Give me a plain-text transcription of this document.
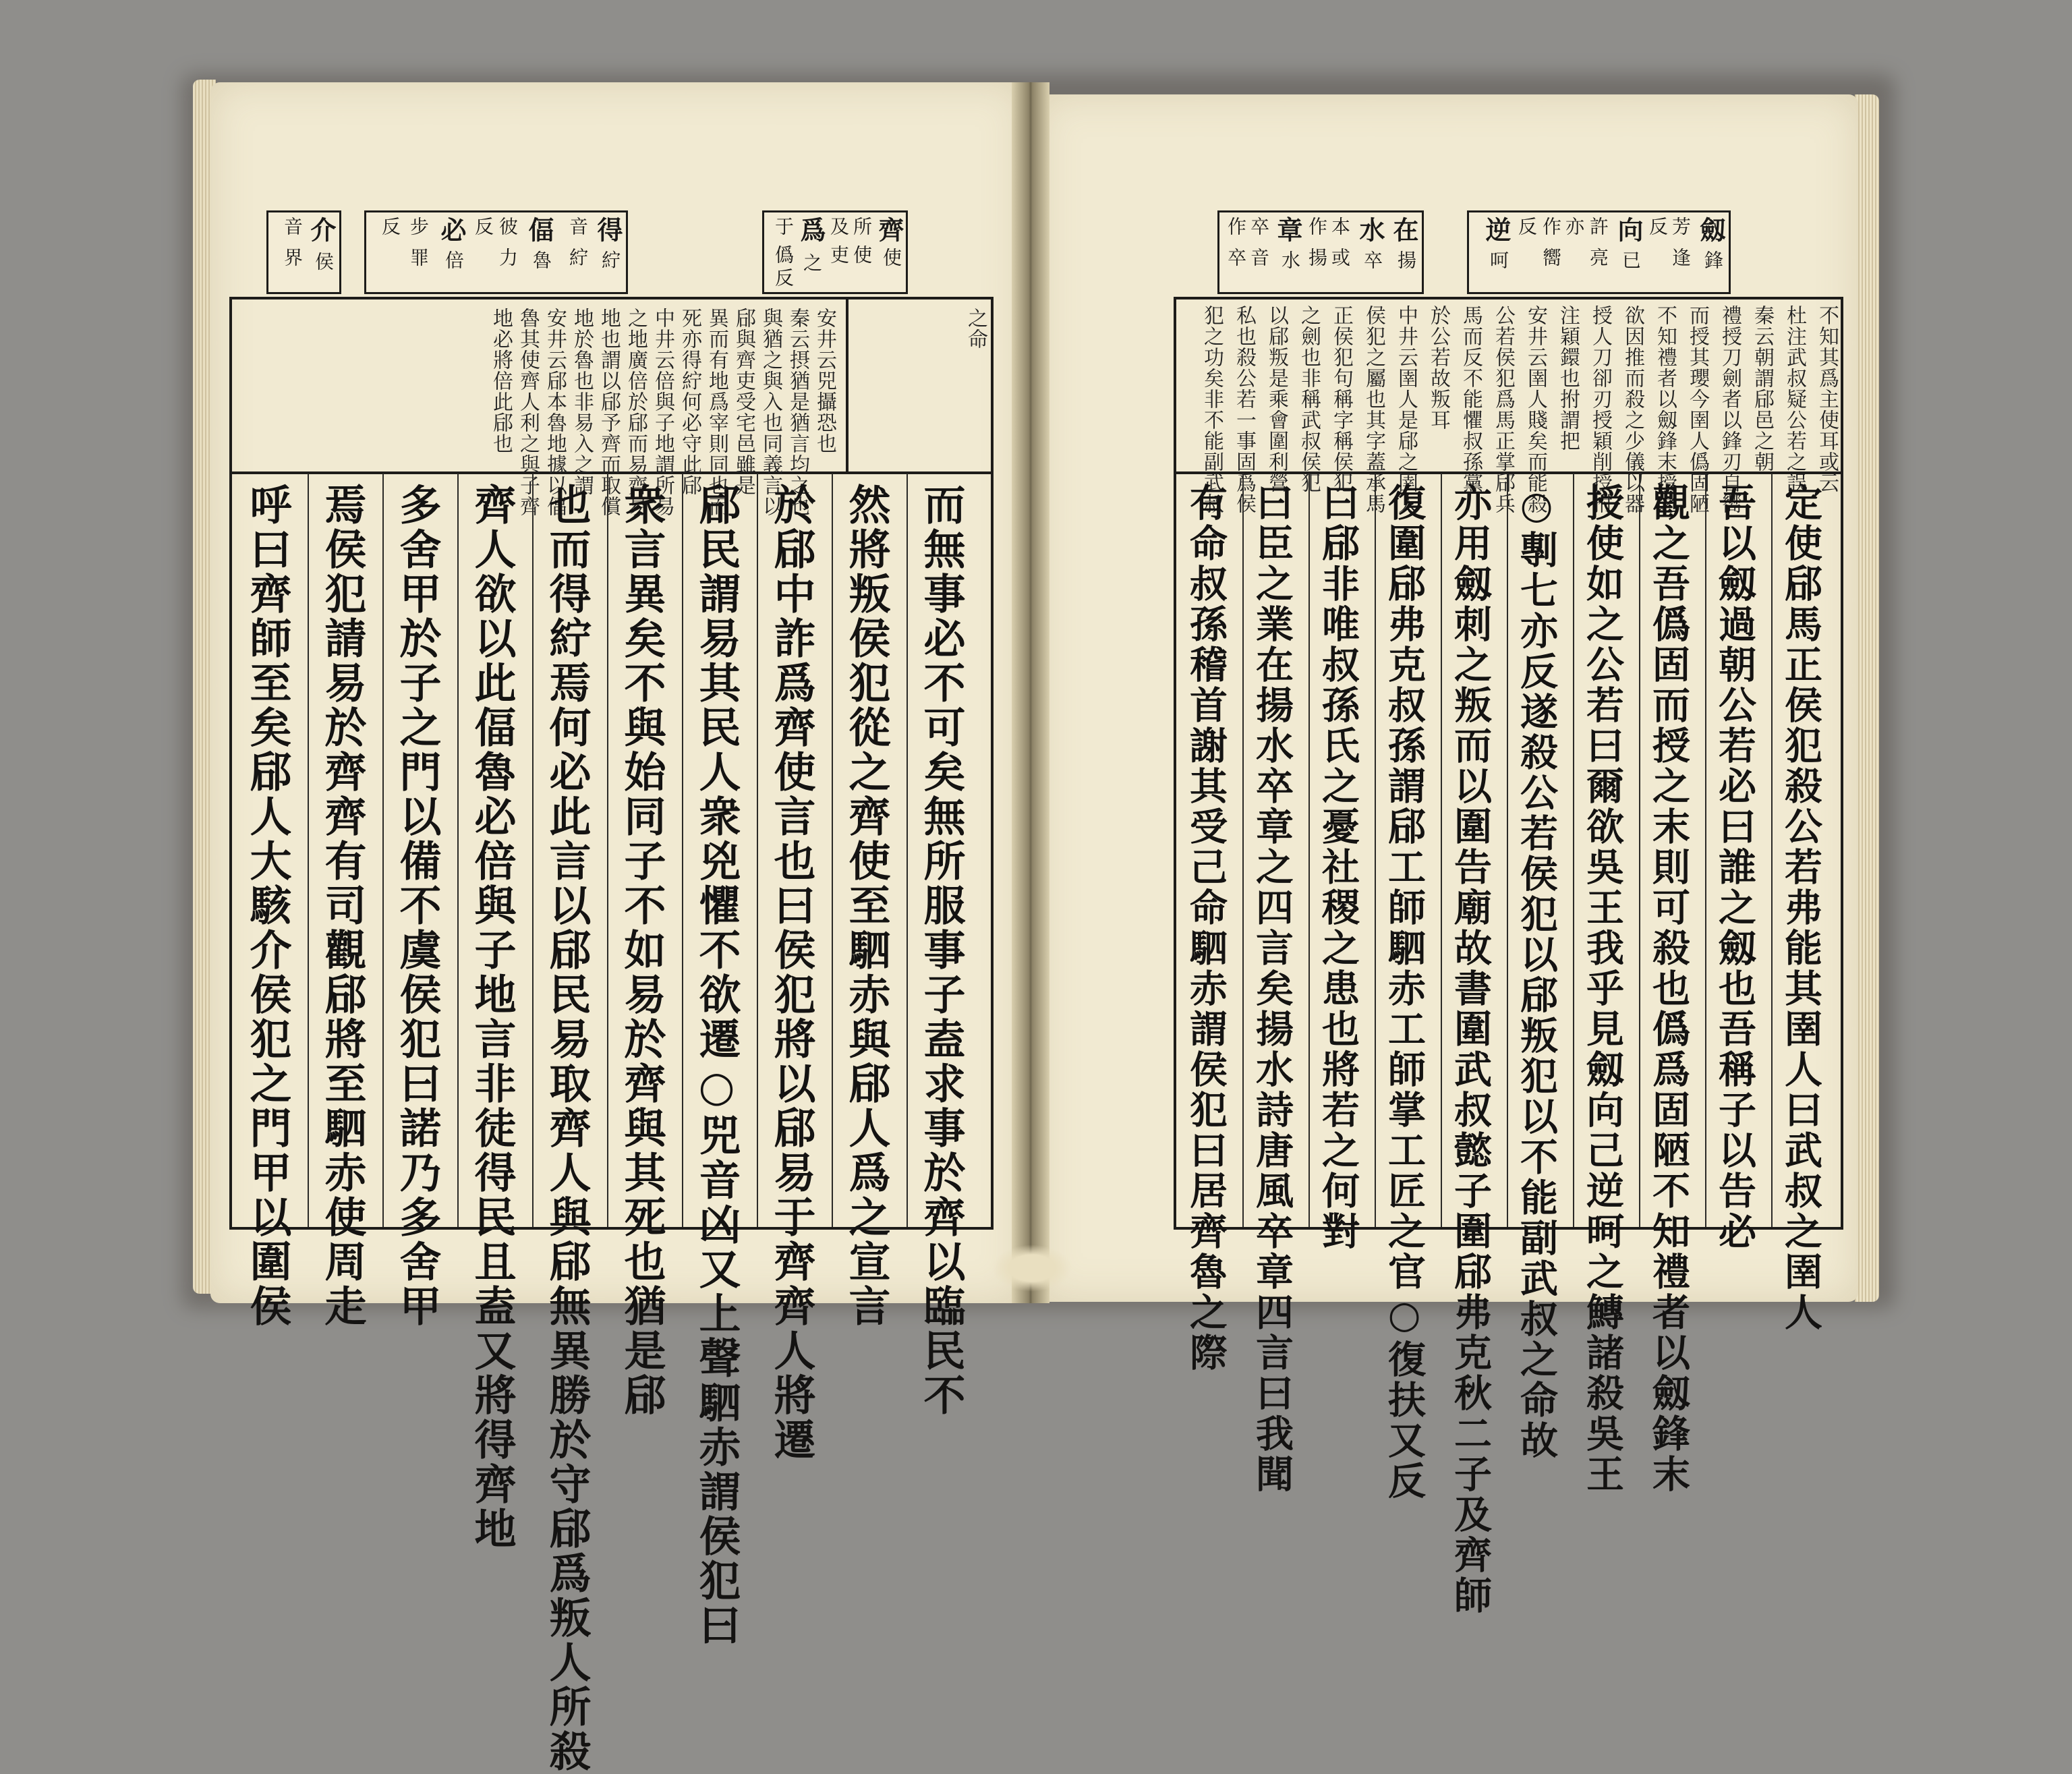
齊
使
所
使
及
吏
爲
之
于
僞
反
得
紵
音
紵
偪
魯
彼
力
反
必
倍
步
罪
反
介
侯
音
界
之命
安井云兕攝恐也
秦云摂猶是猶言均之也
與猶之與入也同義言以
郈與齊吏受宅邑雖是
異而有地爲宰則同也而
死亦得紵何必守此郈
中井云倍與子地謂所易
之地廣倍於郈而易齊易
地也謂以郈予齊而取償
地於魯也非易入之謂
安井云郈本魯地據以偪
魯其使齊人利之與子齊
地必將倍此郈也
而無事必不可矣無所服事子盍求事於齊以臨民不
然將叛侯犯從之齊使至駟赤與郈人爲之宣言
於郈中詐爲齊使言也曰侯犯將以郈易于齊齊人將遷
郈民謂易其民人衆兇懼不欲遷○兕音凶又上聲駟赤謂侯犯曰
衆言異矣不與始同子不如易於齊與其死也猶是郈
也而得紵焉何必此言以郈民易取齊人與郈無異勝於守郈爲叛人所殺
齊人欲以此偪魯必倍與子地言非徒得民且盍又將得齊地
多舍甲於子之門以備不虞侯犯曰諾乃多舍甲
焉侯犯請易於齊齊有司觀郈將至駟赤使周走
呼曰齊師至矣郈人大駭介侯犯之門甲以圍侯
劔
鋒
芳
逢
反
向
已
許
亮
亦
作
嚮
反
逆
呵
在
揚
水
卒
本
或
作
揚
章
水
卒
音
作
卒
不知其爲主使耳或云
杜注武叔疑公若之誤
秦云朝謂郈邑之朝
禮授刀劍者以鋒刃自嚮
而授其瓔今圉人僞固陋
不知禮者以劔鋒末授之
欲因推而殺之少儀以器
授人刀卻刃授穎削授拊
注穎鐶也拊謂把
安井云圉人賤矣而能殺
公若侯犯爲馬正掌郈兵
馬而反不能懼叔孫黨
於公若故叛耳
中井云圉人是郈之圉人
侯犯之屬也其字蓋承馬
正侯犯句稱字稱侯犯
之劍也非稱武叔侯犯
以郈叛是乘會圍利營
私也殺公若一事固爲侯
犯之功矣非不能副武叔
定使郈馬正侯犯殺公若弗能其圉人曰武叔之圉人
吾以劔過朝公若必曰誰之劔也吾稱子以告必
觀之吾僞固而授之末則可殺也僞爲固陋不知禮者以劔鋒末
授使如之公若曰爾欲吳王我乎見劔向己逆呵之鱄諸殺吳王
○剸七亦反遂殺公若侯犯以郈叛犯以不能副武叔之命故
亦用劔刺之叛而以圍告廟故書圍武叔懿子圍郈弗克秋二子及齊師
復圍郈弗克叔孫謂郈工師駟赤工師掌工匠之官○復扶又反
曰郈非唯叔孫氏之憂社稷之患也將若之何對
曰臣之業在揚水卒章之四言矣揚水詩唐風卒章四言曰我聞
有命叔孫稽首謝其受己命駟赤謂侯犯曰居齊魯之際
